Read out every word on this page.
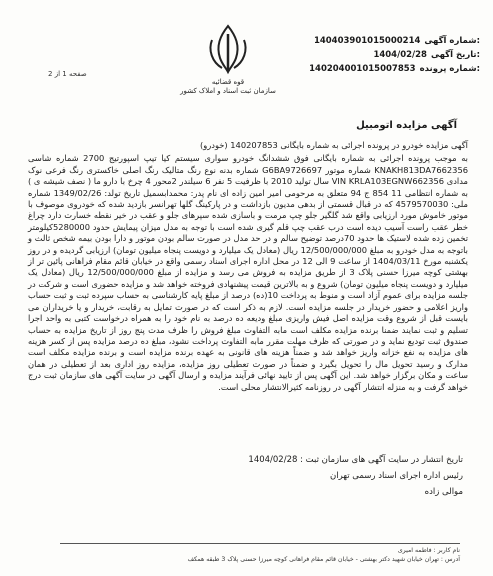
140403901015000214 شماره آگهی:
1404/02/28 تاریخ آگهی:
140204001015007853 شماره پرونده:
قوه قضائیه
سازمان ثبت اسناد و املاک کشور
صفحه 1 از 2
آگهی مزایده اتومبیل

آگهی مزایده خودرو در پرونده اجرائی به شماره بایگانی 140207853 (خودرو)

به موجب پرونده اجرائی به شماره بایگانی فوق ششدانگ خودرو سواری سیستم کیا تیپ اسپورتیج 2700 شماره شاسی KNAKH813DA7662356 شماره موتور G6BA9726697 شماره بدنه نوع رنگ متالیک رنگ اصلی خاکستری رنگ فرعی نوک مدادی VIN KRLA103EGNW662356 سال تولید 2010 با ظرفیت 5 نفر 6 سیلندر 2محور 4 چرخ با دارو ما ( نصف شیشه ی ) به شماره انتظامی 11 854 ج 94 متعلق به مرحومی امیر امین زاده ای نام پدر: محمدابسمیل تاریخ تولد: 1349/02/26 شماره ملی: 4579570030 که در قبال قسمتی از بدهی مدیون بازداشت و در پارکینگ گلها تهرانسر بازدید شده که خودروی موصوف با موتور خاموش مورد ارزیابی واقع شد گلگیر جلو چپ مرمت و باسازی شده سپرهای جلو و عقب در خیر نقطه خسارت دارد چراغ خطر عقب راست آسیب دیده است درب عقب چپ قلم گیری شده است با توجه به مدل میزان پیمایش حدود 5280000کیلومتر تخمین زده شده لاستیک ها حدود 70درصد توضیح سالم و در حد مدل در صورت سالم بودن موتور و دارا بودن بیمه شخص ثالث و باتوجه به مدل خودرو به مبلغ 12/500/000/000 ریال (معادل یک میلیارد و دویست پنجاه میلیون تومان) ارزیابی گردیده و در روز یکشنبه مورخ 1404/03/11 از ساعت 9 الی 12 در محل اداره اجرای اسناد رسمی واقع در خیابان قائم مقام فراهانی پائین تر از بهشتی کوچه میرزا حسنی پلاک 3 از طریق مزایده به فروش می رسد و مزایده از مبلغ 12/500/000/000 ریال (معادل یک میلیارد و دویست پنجاه میلیون تومان) شروع و به بالاترین قیمت پیشنهادی فروخته خواهد شد و مزایده حضوری است و شرکت در جلسه مزایده برای عموم آزاد است و منوط به پرداخت 10(ده) درصد از مبلغ پایه کارشناسی به حساب سپرده ثبت و ثبت حساب واریز اعلامی و حضور خریدار در جلسه مزایده است. لازم به ذکر است که در صورت تمایل به رقابت، خریدار و یا خریداران می بایست قبل از شروع وقت مزایده اصل فیش واریزی مبلغ ودیعه ده درصد به نام خود را به همراه درخواست کتبی به واحد اجرا تسلیم و ثبت نمایند ضمنا برنده مزایده مکلف است مابه التفاوت مبلغ فروش را ظرف مدت پنج روز از تاریخ مزایده به حساب صندوق ثبت تودیع نماید و در صورتی که ظرف مهلت مقرر مابه التفاوت پرداخت نشود، مبلغ ده درصد مزایده پس از کسر هزینه های مزایده به نفع خزانه واریز خواهد شد و ضمناً هزینه های قانونی به عهده برنده مزایده است و برنده مزایده مکلف است مدارک و رسید تحویل مال را تحویل بگیرد و ضمناً در صورت تعطیلی روز مزایده، مزایده روز اداری بعد از تعطیلی در همان ساعت و مکان برگزار خواهد شد. این آگهی پس از تایید نهائی فرآیند مزایده و ارسال آگهی در سایت آگهی های سازمان ثبت درج خواهد گرفت و به منزله انتشار آگهی در روزنامه کثیرالانتشار محلی است.

تاریخ انتشار در سایت آگهی های سازمان ثبت : 1404/02/28
رئیس اداره اجرای اسناد رسمی تهران
موالی زاده
نام کاربر : فاطمه امیری
آدرس : تهران خیابان شهید دکتر بهشتی - خیابان قائم مقام فراهانی کوچه میرزا حسنی پلاک 3 طبقه همکف
